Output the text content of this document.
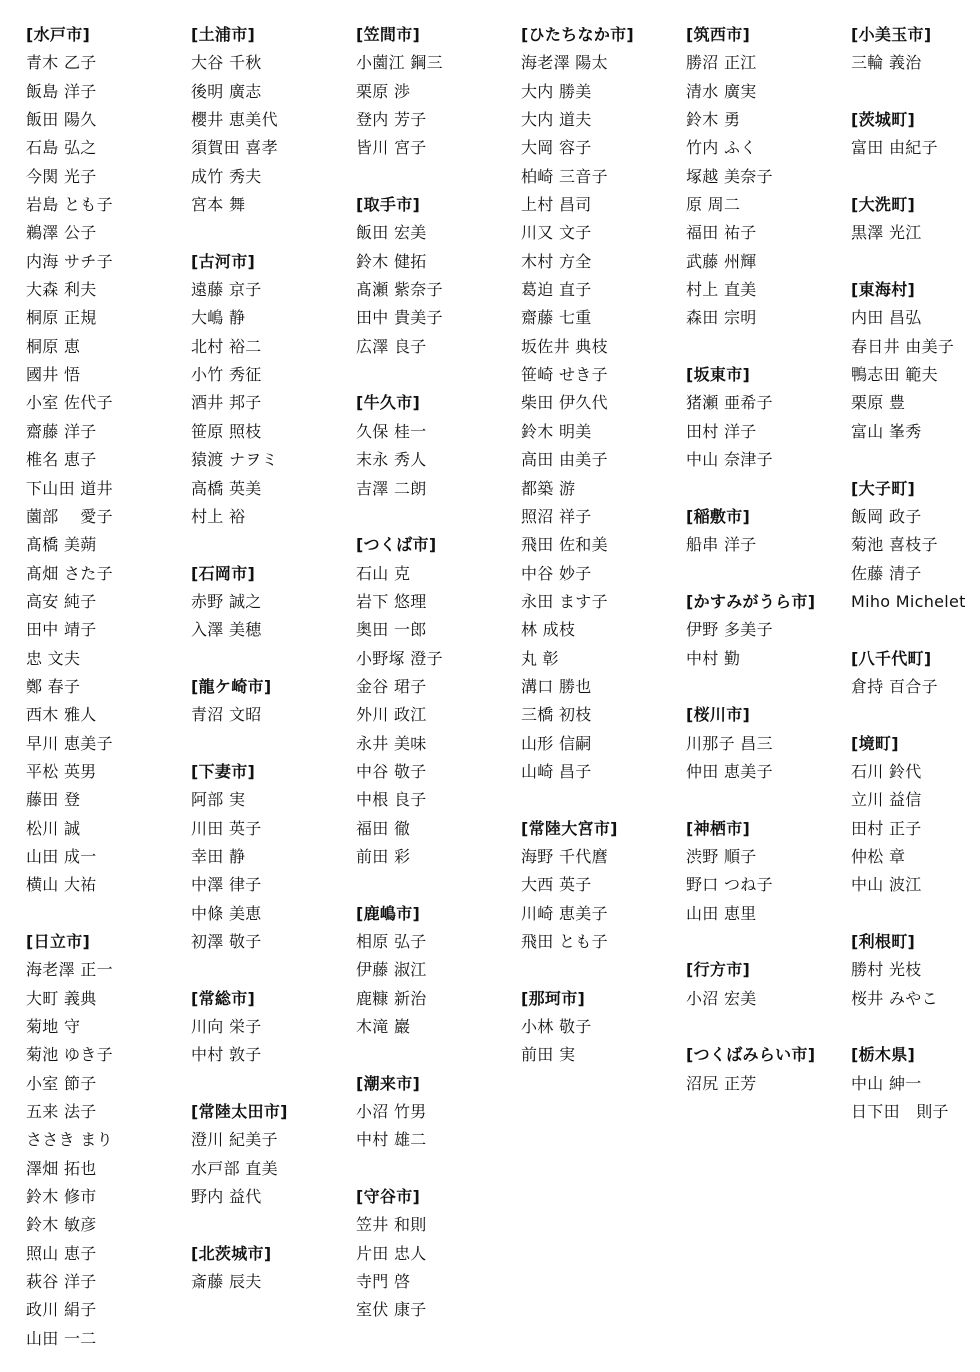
[水戸市]
青木 乙子
飯島 洋子
飯田 陽久
石島 弘之
今関 光子
岩島 とも子
鵜澤 公子
内海 サチ子
大森 利夫
桐原 正規
桐原 恵
國井 悟
小室 佐代子
齋藤 洋子
椎名 恵子
下山田 道井
薗部　 愛子
髙橋 美蒴
髙畑 さた子
高安 純子
田中 靖子
忠 文夫
鄭 春子
西木 雅人
早川 恵美子
平松 英男
藤田 登
松川 誠
山田 成一
横山 大祐
[日立市]
海老澤 正一
大町 義典
菊地 守
菊池 ゆき子
小室 節子
五来 法子
ささき まり
澤畑 拓也
鈴木 修市
鈴木 敏彦
照山 恵子
萩谷 洋子
政川 絹子
山田 一二
[土浦市]
大谷 千秋
後明 廣志
櫻井 恵美代
須賀田 喜孝
成竹 秀夫
宮本 舞
[古河市]
遠藤 京子
大嶋 静
北村 裕二
小竹 秀征
酒井 邦子
笹原 照枝
猿渡 ナヲミ
高橋 英美
村上 裕
[石岡市]
赤野 誠之
入澤 美穂
[龍ケ崎市]
青沼 文昭
[下妻市]
阿部 実
川田 英子
幸田 静
中澤 律子
中條 美恵
初澤 敬子
[常総市]
川向 栄子
中村 敦子
[常陸太田市]
澄川 紀美子
水戸部 直美
野内 益代
[北茨城市]
斎藤 辰夫
[笠間市]
小薗江 鋼三
栗原 渉
登内 芳子
皆川 宮子
[取手市]
飯田 宏美
鈴木 健拓
髙瀬 紫奈子
田中 貴美子
広澤 良子
[牛久市]
久保 桂一
末永 秀人
吉澤 二朗
[つくば市]
石山 克
岩下 悠理
奥田 一郎
小野塚 澄子
金谷 珺子
外川 政江
永井 美味
中谷 敬子
中根 良子
福田 徹
前田 彩
[鹿嶋市]
相原 弘子
伊藤 淑江
鹿糠 新治
木滝 巖
[潮来市]
小沼 竹男
中村 雄二
[守谷市]
笠井 和則
片田 忠人
寺門 啓
室伏 康子
[ひたちなか市]
海老澤 陽太
大内 勝美
大内 道夫
大岡 容子
柏崎 三音子
上村 昌司
川又 文子
木村 方全
葛迫 直子
齋藤 七重
坂佐井 典枝
笹崎 せき子
柴田 伊久代
鈴木 明美
高田 由美子
都築 游
照沼 祥子
飛田 佐和美
中谷 妙子
永田 ます子
林 成枝
丸 彰
溝口 勝也
三橋 初枝
山形 信嗣
山崎 昌子
[常陸大宮市]
海野 千代麿
大西 英子
川崎 恵美子
飛田 とも子
[那珂市]
小林 敬子
前田 実
[筑西市]
勝沼 正江
清水 廣実
鈴木 勇
竹内 ふく
塚越 美奈子
原 周二
福田 祐子
武藤 州輝
村上 直美
森田 宗明
[坂東市]
猪瀬 亜希子
田村 洋子
中山 奈津子
[稲敷市]
船串 洋子
[かすみがうら市]
伊野 多美子
中村 勤
[桜川市]
川那子 昌三
仲田 恵美子
[神栖市]
渋野 順子
野口 つね子
山田 恵里
[行方市]
小沼 宏美
[つくばみらい市]
沼尻 正芳
[小美玉市]
三輪 義治
[茨城町]
富田 由紀子
[大洗町]
黒澤 光江
[東海村]
内田 昌弘
春日井 由美子
鴨志田 範夫
栗原 豊
富山 峯秀
[大子町]
飯岡 政子
菊池 喜枝子
佐藤 清子
Miho Michelet
[八千代町]
倉持 百合子
[境町]
石川 鈴代
立川 益信
田村 正子
仲松 章
中山 波江
[利根町]
勝村 光枝
桜井 みやこ
[栃木県]
中山 紳一
日下田　則子
